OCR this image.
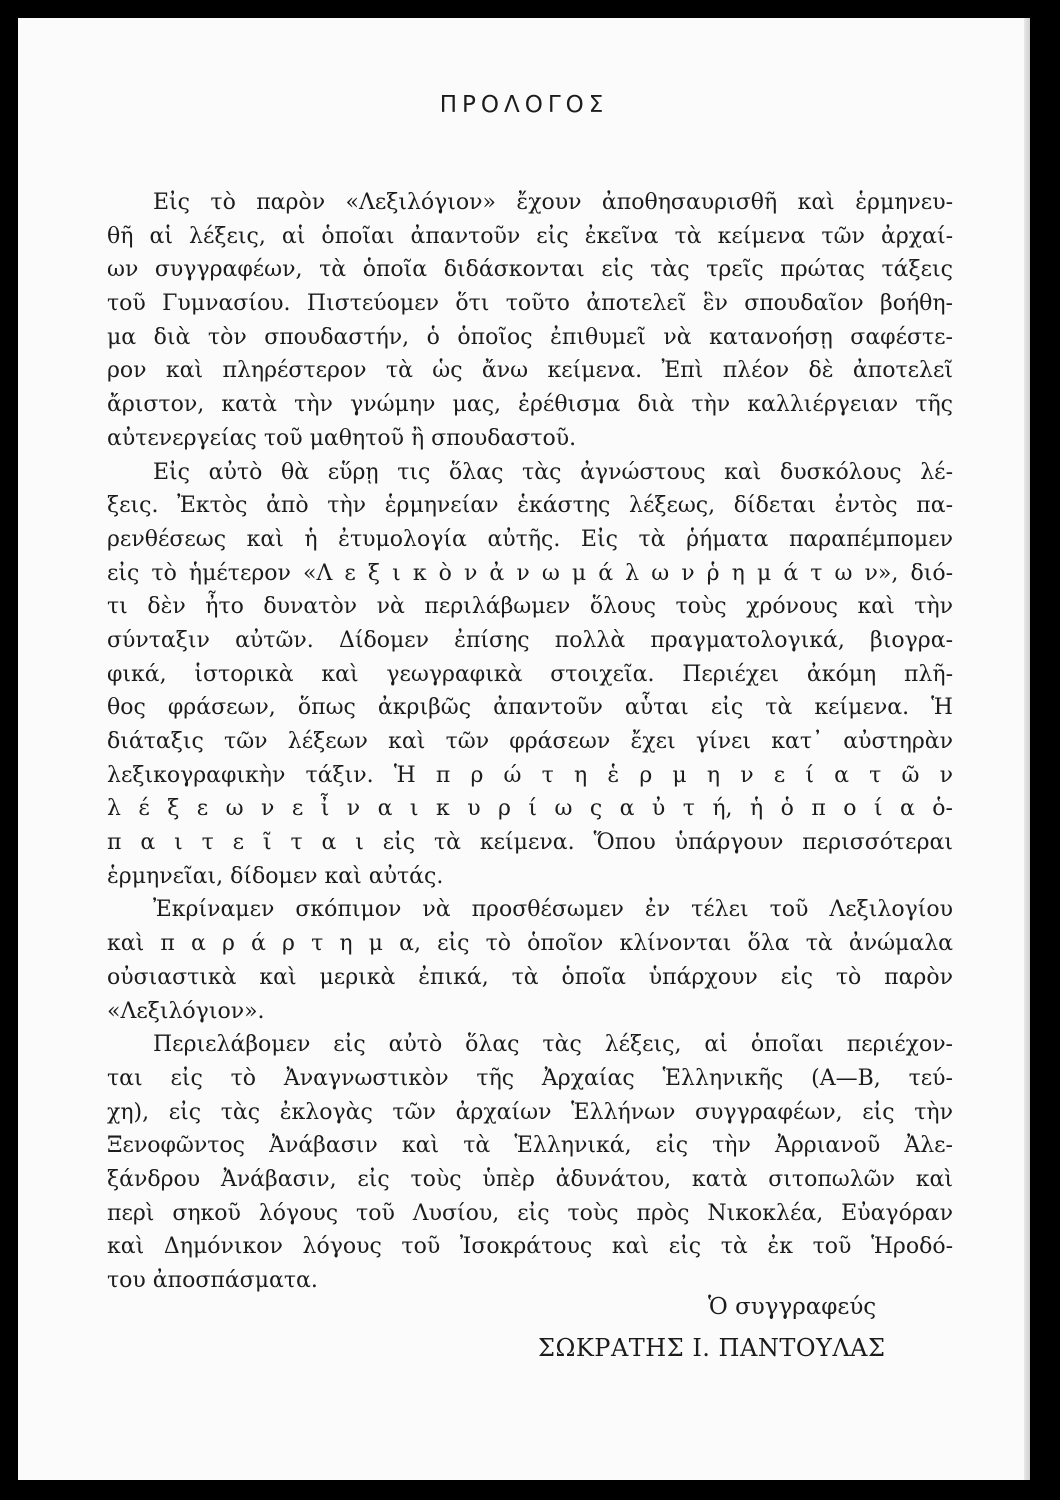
ΠΡΟΛΟΓΟΣ
Εἰς τὸ παρὸν «Λεξιλόγιον» ἔχουν ἀποθησαυρισθῆ καὶ ἑρμηνευ-
θῆ αἱ λέξεις, αἱ ὁποῖαι ἀπαντοῦν εἰς ἐκεῖνα τὰ κείμενα τῶν ἀρχαί-
ων συγγραφέων, τὰ ὁποῖα διδάσκονται εἰς τὰς τρεῖς πρώτας τάξεις
τοῦ Γυμνασίου. Πιστεύομεν ὅτι τοῦτο ἀποτελεῖ ἓν σπουδαῖον βοήθη-
μα διὰ τὸν σπουδαστήν, ὁ ὁποῖος ἐπιθυμεῖ νὰ κατανοήσῃ σαφέστε-
ρον καὶ πληρέστερον τὰ ὡς ἄνω κείμενα. Ἐπὶ πλέον δὲ ἀποτελεῖ
ἄριστον, κατὰ τὴν γνώμην μας, ἐρέθισμα διὰ τὴν καλλιέργειαν τῆς
αὐτενεργείας τοῦ μαθητοῦ ἢ σπουδαστοῦ.
Εἰς αὐτὸ θὰ εὕρῃ τις ὅλας τὰς ἀγνώστους καὶ δυσκόλους λέ-
ξεις. Ἐκτὸς ἀπὸ τὴν ἑρμηνείαν ἑκάστης λέξεως, δίδεται ἐντὸς πα-
ρενθέσεως καὶ ἡ ἐτυμολογία αὐτῆς. Εἰς τὰ ῥήματα παραπέμπομεν
εἰς τὸ ἡμέτερον «Λ ε ξ ι κ ὸ ν ἀ ν ω μ ά λ ω ν ῥ η μ ά τ ω ν», διό-
τι δὲν ἦτο δυνατὸν νὰ περιλάβωμεν ὅλους τοὺς χρόνους καὶ τὴν
σύνταξιν αὐτῶν. Δίδομεν ἐπίσης πολλὰ πραγματολογικά, βιογρα-
φικά, ἱστορικὰ καὶ γεωγραφικὰ στοιχεῖα. Περιέχει ἀκόμη πλῆ-
θος φράσεων, ὅπως ἀκριβῶς ἀπαντοῦν αὗται εἰς τὰ κείμενα. Ἡ
διάταξις τῶν λέξεων καὶ τῶν φράσεων ἔχει γίνει κατ᾿ αὐστηρὰν
λεξικογραφικὴν τάξιν. Ἡ π ρ ώ τ η ἑ ρ μ η ν ε ί α τ ῶ ν
λ έ ξ ε ω ν ε ἶ ν α ι κ υ ρ ί ω ς α ὐ τ ή, ἡ ὁ π ο ί α ὁ-
π α ι τ ε ῖ τ α ι εἰς τὰ κείμενα. Ὅπου ὑπάργουν περισσότεραι
ἑρμηνεῖαι, δίδομεν καὶ αὐτάς.
Ἐκρίναμεν σκόπιμον νὰ προσθέσωμεν ἐν τέλει τοῦ Λεξιλογίου
καὶ π α ρ ά ρ τ η μ α, εἰς τὸ ὁποῖον κλίνονται ὅλα τὰ ἀνώμαλα
οὐσιαστικὰ καὶ μερικὰ ἐπικά, τὰ ὁποῖα ὑπάρχουν εἰς τὸ παρὸν
«Λεξιλόγιον».
Περιελάβομεν εἰς αὐτὸ ὅλας τὰς λέξεις, αἱ ὁποῖαι περιέχον-
ται εἰς τὸ Ἀναγνωστικὸν τῆς Ἀρχαίας Ἑλληνικῆς (Α—Β, τεύ-
χη), εἰς τὰς ἐκλογὰς τῶν ἀρχαίων Ἑλλήνων συγγραφέων, εἰς τὴν
Ξενοφῶντος Ἀνάβασιν καὶ τὰ Ἑλληνικά, εἰς τὴν Ἀρριανοῦ Ἀλε-
ξάνδρου Ἀνάβασιν, εἰς τοὺς ὑπὲρ ἀδυνάτου, κατὰ σιτοπωλῶν καὶ
περὶ σηκοῦ λόγους τοῦ Λυσίου, εἰς τοὺς πρὸς Νικοκλέα, Εὐαγόραν
καὶ Δημόνικον λόγους τοῦ Ἰσοκράτους καὶ εἰς τὰ ἐκ τοῦ Ἡροδό-
του ἀποσπάσματα.
Ὁ συγγραφεύς
ΣΩΚΡΑΤΗΣ Ι. ΠΑΝΤΟΥΛΑΣ
